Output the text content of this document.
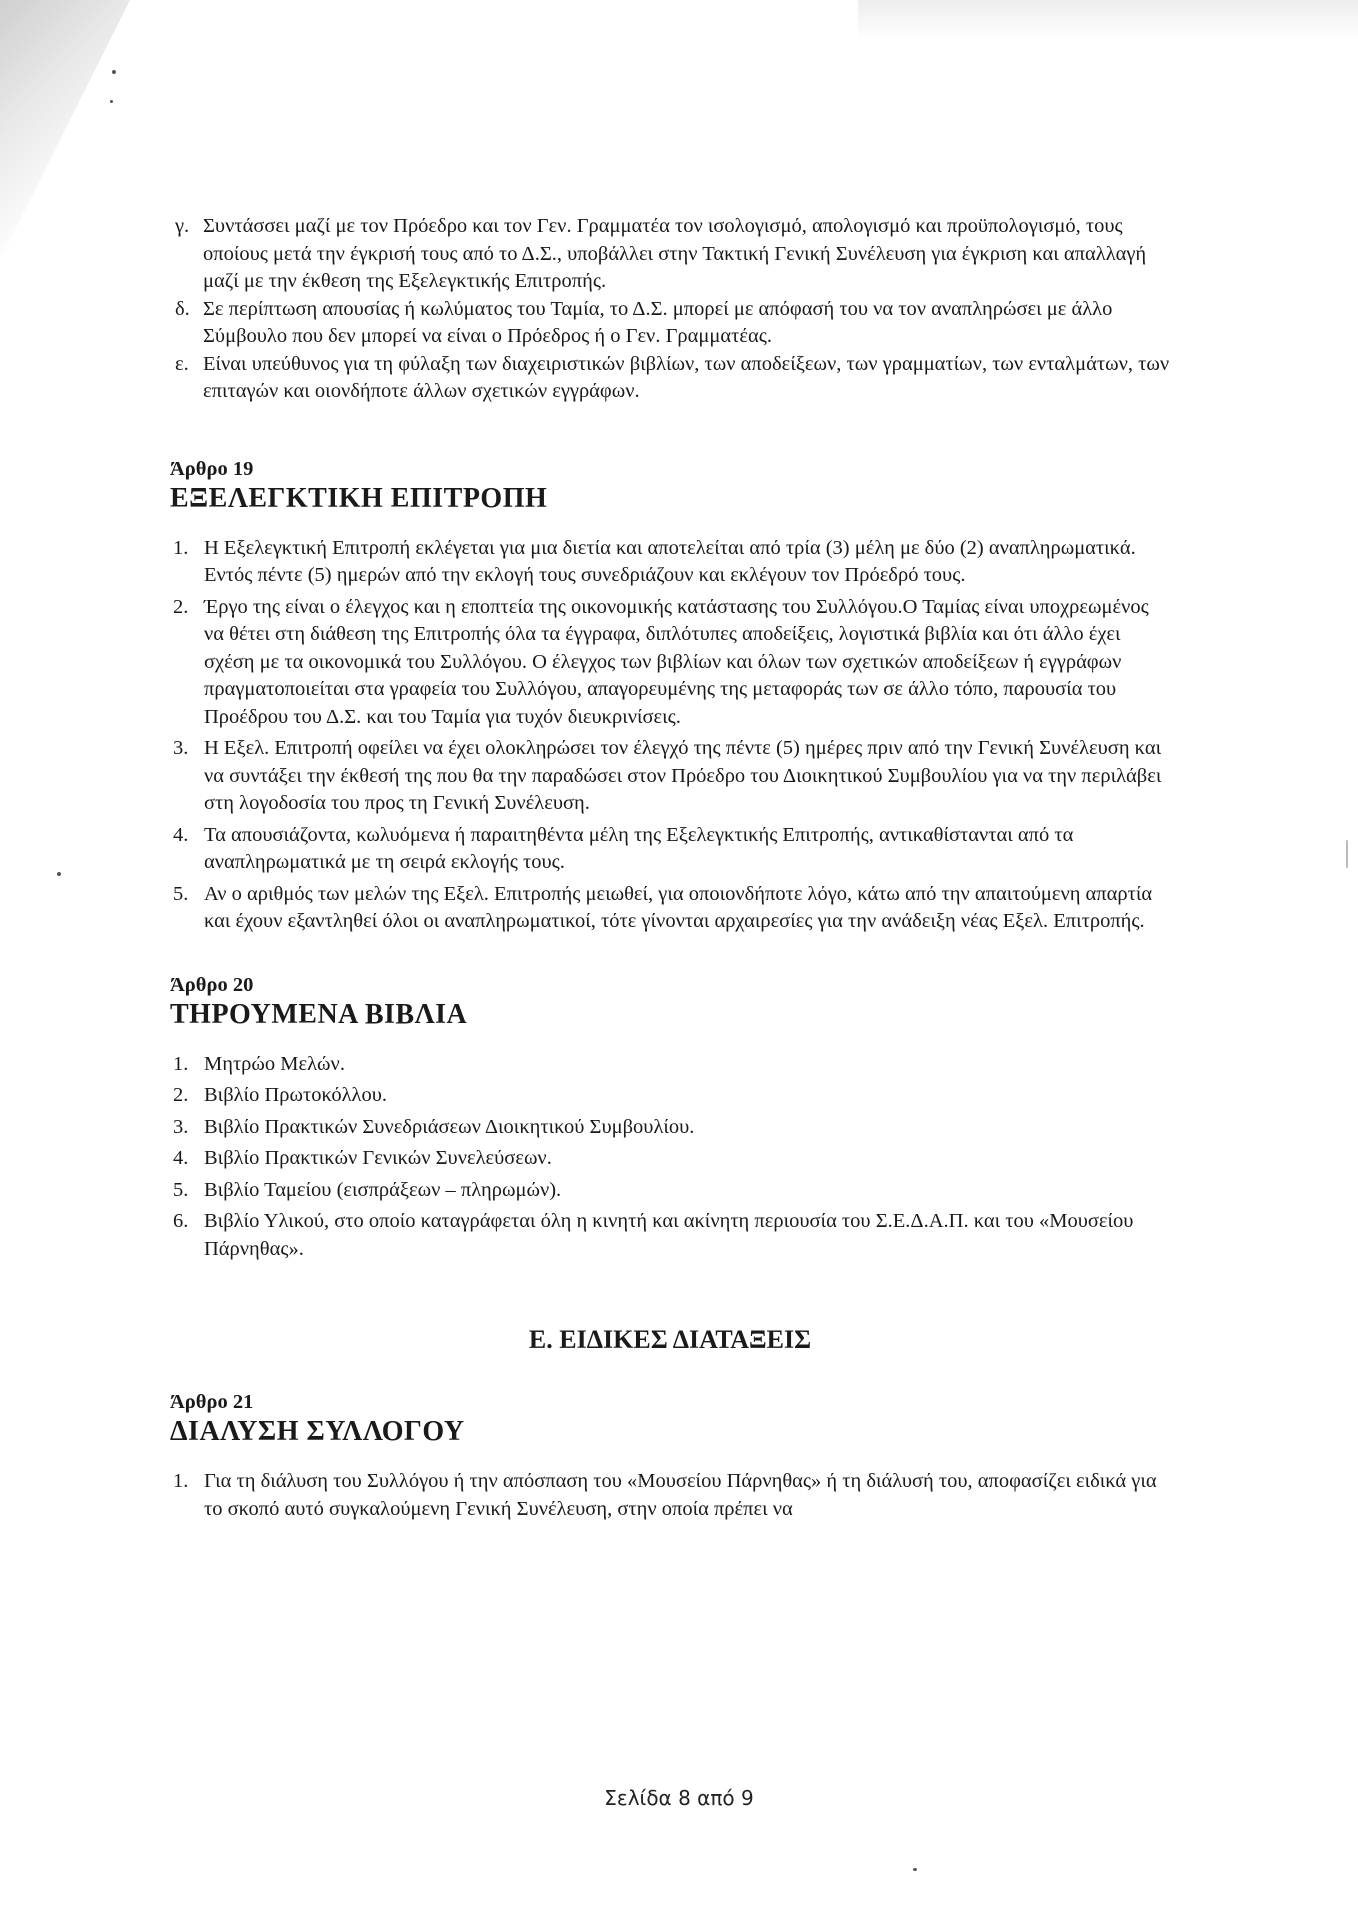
γ. Συντάσσει μαζί με τον Πρόεδρο και τον Γεν. Γραμματέα τον ισολογισμό, απολογισμό και προϋπολογισμό, τους οποίους μετά την έγκρισή τους από το Δ.Σ., υποβάλλει στην Τακτική Γενική Συνέλευση για έγκριση και απαλλαγή μαζί με την έκθεση της Εξελεγκτικής Επιτροπής.
δ. Σε περίπτωση απουσίας ή κωλύματος του Ταμία, το Δ.Σ. μπορεί με απόφασή του να τον αναπληρώσει με άλλο Σύμβουλο που δεν μπορεί να είναι ο Πρόεδρος ή ο Γεν. Γραμματέας.
ε. Είναι υπεύθυνος για τη φύλαξη των διαχειριστικών βιβλίων, των αποδείξεων, των γραμματίων, των ενταλμάτων, των επιταγών και οιονδήποτε άλλων σχετικών εγγράφων.

Άρθρο 19

ΕΞΕΛΕΓΚΤΙΚΗ ΕΠΙΤΡΟΠΗ
1. Η Εξελεγκτική Επιτροπή εκλέγεται για μια διετία και αποτελείται από τρία (3) μέλη με δύο (2) αναπληρωματικά. Εντός πέντε (5) ημερών από την εκλογή τους συνεδριάζουν και εκλέγουν τον Πρόεδρό τους.
2. Έργο της είναι ο έλεγχος και η εποπτεία της οικονομικής κατάστασης του Συλλόγου.Ο Ταμίας είναι υποχρεωμένος να θέτει στη διάθεση της Επιτροπής όλα τα έγγραφα, διπλότυπες αποδείξεις, λογιστικά βιβλία και ότι άλλο έχει σχέση με τα οικονομικά του Συλλόγου. Ο έλεγχος των βιβλίων και όλων των σχετικών αποδείξεων ή εγγράφων πραγματοποιείται στα γραφεία του Συλλόγου, απαγορευμένης της μεταφοράς των σε άλλο τόπο, παρουσία του Προέδρου του Δ.Σ. και του Ταμία για τυχόν διευκρινίσεις.
3. Η Εξελ. Επιτροπή οφείλει να έχει ολοκληρώσει τον έλεγχό της πέντε (5) ημέρες πριν από την Γενική Συνέλευση και να συντάξει την έκθεσή της που θα την παραδώσει στον Πρόεδρο του Διοικητικού Συμβουλίου για να την περιλάβει στη λογοδοσία του προς τη Γενική Συνέλευση.
4. Τα απουσιάζοντα, κωλυόμενα ή παραιτηθέντα μέλη της Εξελεγκτικής Επιτροπής, αντικαθίστανται από τα αναπληρωματικά με τη σειρά εκλογής τους.
5. Αν ο αριθμός των μελών της Εξελ. Επιτροπής μειωθεί, για οποιονδήποτε λόγο, κάτω από την απαιτούμενη απαρτία και έχουν εξαντληθεί όλοι οι αναπληρωματικοί, τότε γίνονται αρχαιρεσίες για την ανάδειξη νέας Εξελ. Επιτροπής.

Άρθρο 20

ΤΗΡΟΥΜΕΝΑ ΒΙΒΛΙΑ
1. Μητρώο Μελών.
2. Βιβλίο Πρωτοκόλλου.
3. Βιβλίο Πρακτικών Συνεδριάσεων Διοικητικού Συμβουλίου.
4. Βιβλίο Πρακτικών Γενικών Συνελεύσεων.
5. Βιβλίο Ταμείου (εισπράξεων – πληρωμών).
6. Βιβλίο Υλικού, στο οποίο καταγράφεται όλη η κινητή και ακίνητη περιουσία του Σ.Ε.Δ.Α.Π. και του «Μουσείου Πάρνηθας».
Ε. ΕΙΔΙΚΕΣ ΔΙΑΤΑΞΕΙΣ

Άρθρο 21

ΔΙΑΛΥΣΗ ΣΥΛΛΟΓΟΥ
1. Για τη διάλυση του Συλλόγου ή την απόσπαση του «Μουσείου Πάρνηθας» ή τη διάλυσή του, αποφασίζει ειδικά για το σκοπό αυτό συγκαλούμενη Γενική Συνέλευση, στην οποία πρέπει να
Σελίδα 8 από 9
